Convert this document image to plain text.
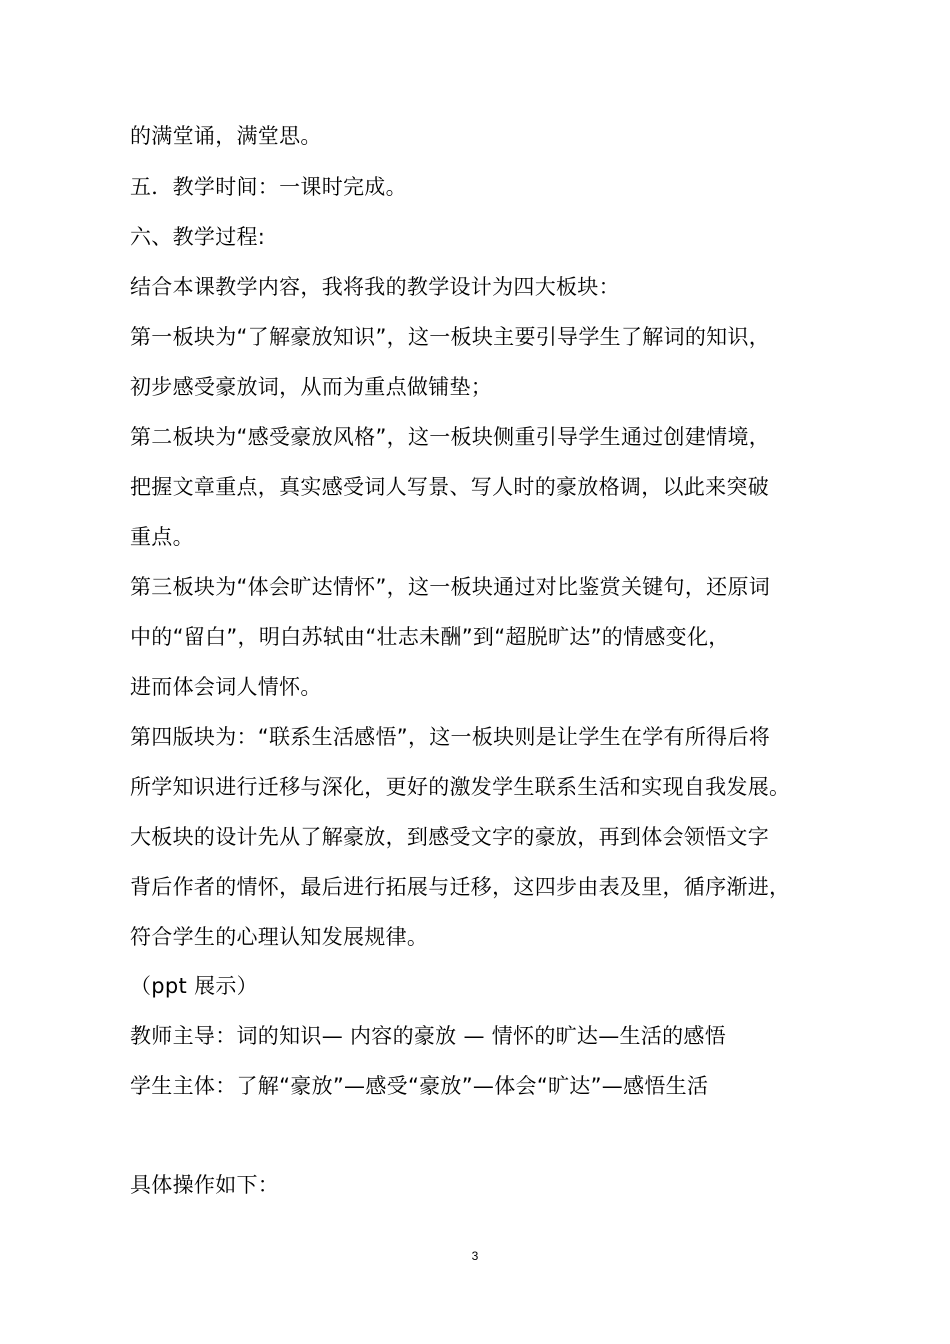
的满堂诵，满堂思。
五．教学时间：一课时完成。
六、教学过程:
结合本课教学内容，我将我的教学设计为四大板块：
第一板块为“了解豪放知识”，这一板块主要引导学生了解词的知识，
初步感受豪放词，从而为重点做铺垫；
第二板块为“感受豪放风格”，这一板块侧重引导学生通过创建情境，
把握文章重点，真实感受词人写景、写人时的豪放格调，以此来突破
重点。
第三板块为“体会旷达情怀”，这一板块通过对比鉴赏关键句，还原词
中的“留白”，明白苏轼由“壮志未酬”到“超脱旷达”的情感变化，
进而体会词人情怀。
第四版块为：“联系生活感悟”，这一板块则是让学生在学有所得后将
所学知识进行迁移与深化，更好的激发学生联系生活和实现自我发展。
大板块的设计先从了解豪放，到感受文字的豪放，再到体会领悟文字
背后作者的情怀，最后进行拓展与迁移，这四步由表及里，循序渐进，
符合学生的心理认知发展规律。
（ppt 展示）
教师主导：词的知识— 内容的豪放 — 情怀的旷达—生活的感悟
学生主体：了解“豪放”—感受“豪放”—体会“旷达”—感悟生活
具体操作如下：
3
